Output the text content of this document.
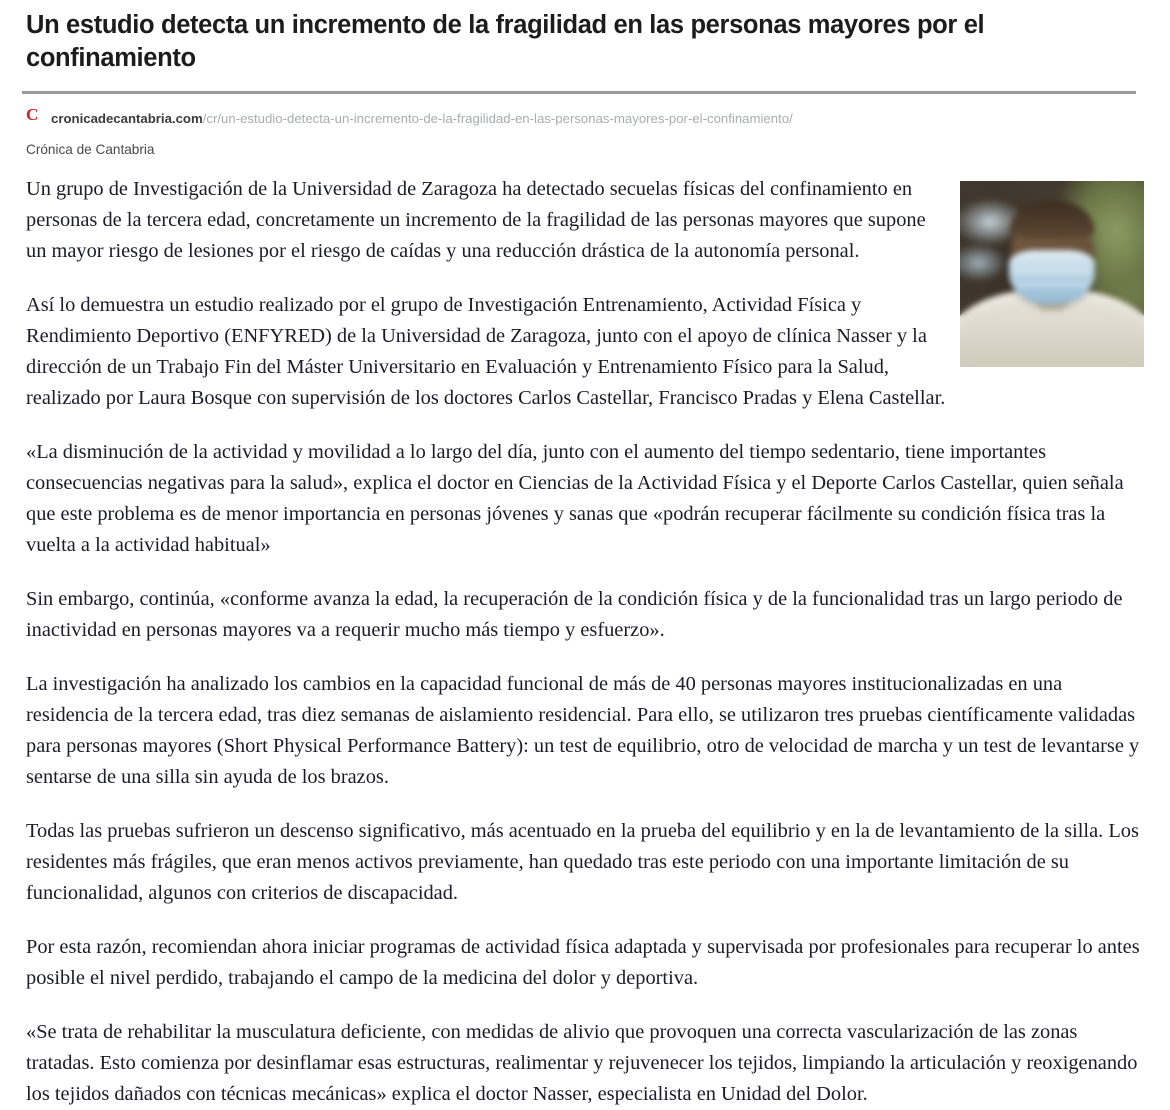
Un estudio detecta un incremento de la fragilidad en las personas mayores por el confinamiento
C cronicadecantabria.com/cr/un-estudio-detecta-un-incremento-de-la-fragilidad-en-las-personas-mayores-por-el-confinamiento/
Crónica de Cantabria

Un grupo de Investigación de la Universidad de Zaragoza ha detectado secuelas físicas del confinamiento en personas de la tercera edad, concretamente un incremento de la fragilidad de las personas mayores que supone un mayor riesgo de lesiones por el riesgo de caídas y una reducción drástica de la autonomía personal.

Así lo demuestra un estudio realizado por el grupo de Investigación Entrenamiento, Actividad Física y Rendimiento Deportivo (ENFYRED) de la Universidad de Zaragoza, junto con el apoyo de clínica Nasser y la dirección de un Trabajo Fin del Máster Universitario en Evaluación y Entrenamiento Físico para la Salud, realizado por Laura Bosque con supervisión de los doctores Carlos Castellar, Francisco Pradas y Elena Castellar.

«La disminución de la actividad y movilidad a lo largo del día, junto con el aumento del tiempo sedentario, tiene importantes consecuencias negativas para la salud», explica el doctor en Ciencias de la Actividad Física y el Deporte Carlos Castellar, quien señala que este problema es de menor importancia en personas jóvenes y sanas que «podrán recuperar fácilmente su condición física tras la vuelta a la actividad habitual»

Sin embargo, continúa, «conforme avanza la edad, la recuperación de la condición física y de la funcionalidad tras un largo periodo de inactividad en personas mayores va a requerir mucho más tiempo y esfuerzo».

La investigación ha analizado los cambios en la capacidad funcional de más de 40 personas mayores institucionalizadas en una residencia de la tercera edad, tras diez semanas de aislamiento residencial. Para ello, se utilizaron tres pruebas científicamente validadas para personas mayores (Short Physical Performance Battery): un test de equilibrio, otro de velocidad de marcha y un test de levantarse y sentarse de una silla sin ayuda de los brazos.

Todas las pruebas sufrieron un descenso significativo, más acentuado en la prueba del equilibrio y en la de levantamiento de la silla. Los residentes más frágiles, que eran menos activos previamente, han quedado tras este periodo con una importante limitación de su funcionalidad, algunos con criterios de discapacidad.

Por esta razón, recomiendan ahora iniciar programas de actividad física adaptada y supervisada por profesionales para recuperar lo antes posible el nivel perdido, trabajando el campo de la medicina del dolor y deportiva.

«Se trata de rehabilitar la musculatura deficiente, con medidas de alivio que provoquen una correcta vascularización de las zonas tratadas. Esto comienza por desinflamar esas estructuras, realimentar y rejuvenecer los tejidos, limpiando la articulación y reoxigenando los tejidos dañados con técnicas mecánicas» explica el doctor Nasser, especialista en Unidad del Dolor.
